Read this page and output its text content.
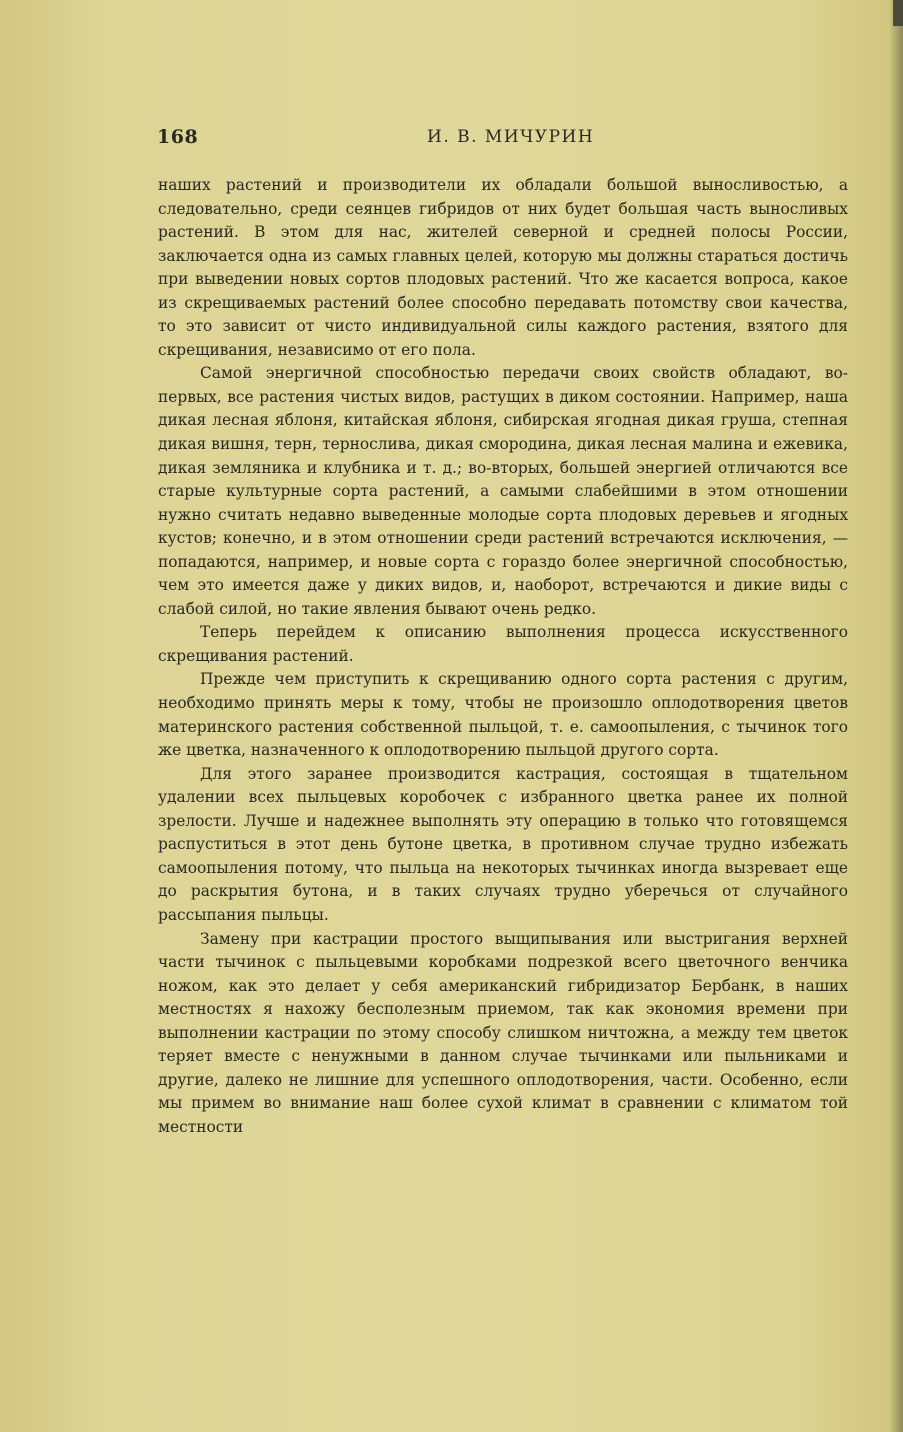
168	И. В. МИЧУРИН

наших растений и производители их обладали большой выносливостью, а следовательно, среди сеянцев гибридов от них будет большая часть выносливых растений. В этом для нас, жителей северной и средней полосы России, заключается одна из самых главных целей, которую мы должны стараться достичь при выведении новых сортов плодовых растений. Что же касается вопроса, какое из скрещиваемых растений более способно передавать потомству свои качества, то это зависит от чисто индивидуальной силы каждого растения, взятого для скрещивания, независимо от его пола.

Самой энергичной способностью передачи своих свойств обладают, во-первых, все растения чистых видов, растущих в диком состоянии. Например, наша дикая лесная яблоня, китайская яблоня, сибирская ягодная дикая груша, степная дикая вишня, терн, тернослива, дикая смородина, дикая лесная малина и ежевика, дикая земляника и клубника и т. д.; во-вторых, большей энергией отличаются все старые культурные сорта растений, а самыми слабейшими в этом отношении нужно считать недавно выведенные молодые сорта плодовых деревьев и ягодных кустов; конечно, и в этом отношении среди растений встречаются исключения, — попадаются, например, и новые сорта с гораздо более энергичной способностью, чем это имеется даже у диких видов, и, наоборот, встречаются и дикие виды с слабой силой, но такие явления бывают очень редко.

Теперь перейдем к описанию выполнения процесса искусственного скрещивания растений.

Прежде чем приступить к скрещиванию одного сорта растения с другим, необходимо принять меры к тому, чтобы не произошло оплодотворения цветов материнского растения собственной пыльцой, т. е. самоопыления, с тычинок того же цветка, назначенного к оплодотворению пыльцой другого сорта.

Для этого заранее производится кастрация, состоящая в тщательном удалении всех пыльцевых коробочек с избранного цветка ранее их полной зрелости. Лучше и надежнее выполнять эту операцию в только что готовящемся распуститься в этот день бутоне цветка, в противном случае трудно избежать самоопыления потому, что пыльца на некоторых тычинках иногда вызревает еще до раскрытия бутона, и в таких случаях трудно уберечься от случайного рассыпания пыльцы.

Замену при кастрации простого выщипывания или выстригания верхней части тычинок с пыльцевыми коробками подрезкой всего цветочного венчика ножом, как это делает у себя американский гибридизатор Бербанк, в наших местностях я нахожу бесполезным приемом, так как экономия времени при выполнении кастрации по этому способу слишком ничтожна, а между тем цветок теряет вместе с ненужными в данном случае тычинками или пыльниками и другие, далеко не лишние для успешного оплодотворения, части. Особенно, если мы примем во внимание наш более сухой климат в сравнении с климатом той местности
